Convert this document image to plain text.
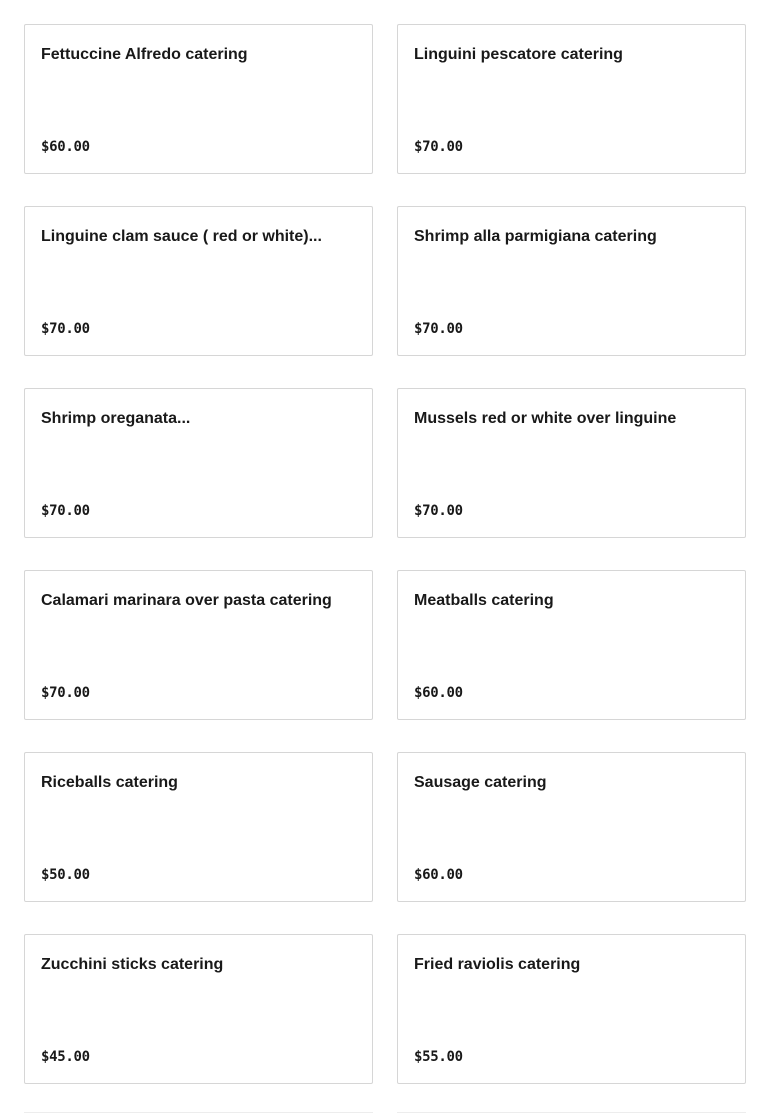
Fettuccine Alfredo catering
$60.00
Linguini pescatore catering
$70.00
Linguine clam sauce ( red or white)...
$70.00
Shrimp alla parmigiana catering
$70.00
Shrimp oreganata...
$70.00
Mussels red or white over linguine
$70.00
Calamari marinara over pasta catering
$70.00
Meatballs catering
$60.00
Riceballs catering
$50.00
Sausage catering
$60.00
Zucchini sticks catering
$45.00
Fried raviolis catering
$55.00
